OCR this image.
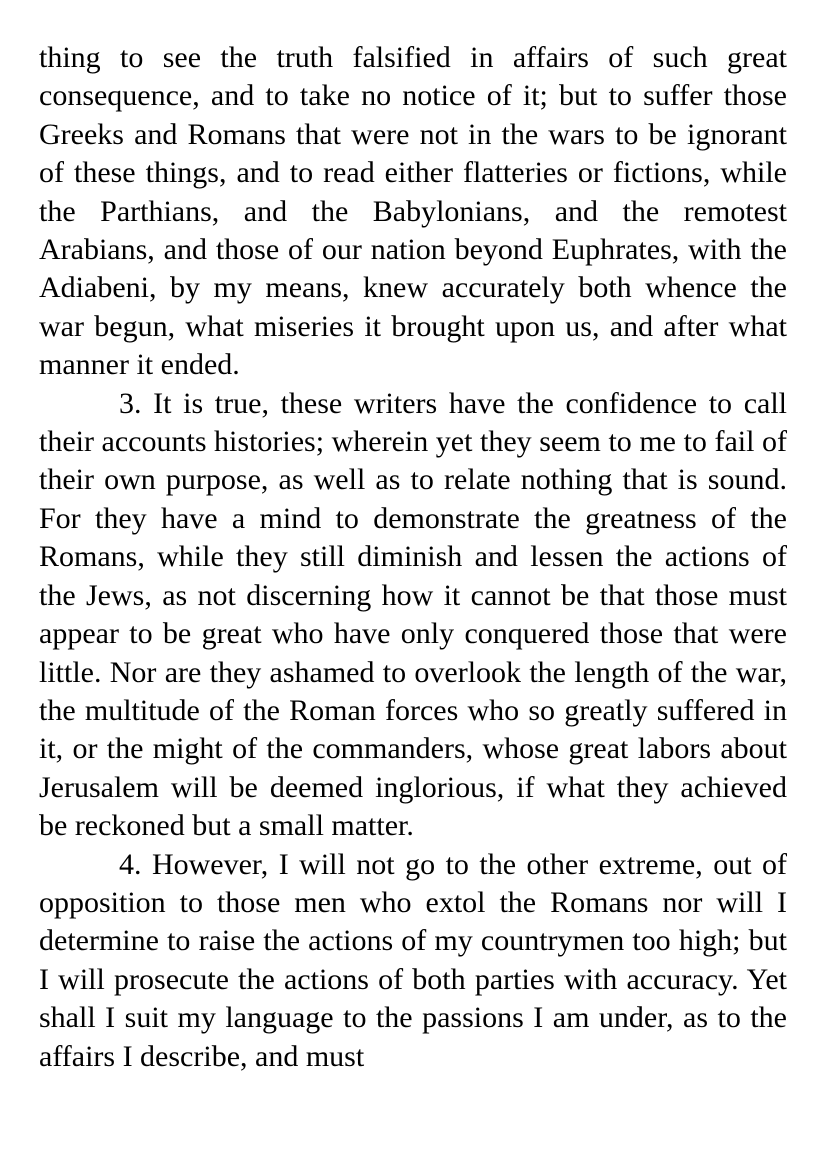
thing to see the truth falsified in affairs of such great consequence, and to take no notice of it; but to suffer those Greeks and Romans that were not in the wars to be ignorant of these things, and to read either flatteries or fictions, while the Parthians, and the Babylonians, and the remotest Arabians, and those of our nation beyond Euphrates, with the Adiabeni, by my means, knew accurately both whence the war begun, what miseries it brought upon us, and after what manner it ended.

3. It is true, these writers have the confidence to call their accounts histories; wherein yet they seem to me to fail of their own purpose, as well as to relate nothing that is sound. For they have a mind to demonstrate the greatness of the Romans, while they still diminish and lessen the actions of the Jews, as not discerning how it cannot be that those must appear to be great who have only conquered those that were little. Nor are they ashamed to overlook the length of the war, the multitude of the Roman forces who so greatly suffered in it, or the might of the commanders, whose great labors about Jerusalem will be deemed inglorious, if what they achieved be reckoned but a small matter.

4. However, I will not go to the other extreme, out of opposition to those men who extol the Romans nor will I determine to raise the actions of my countrymen too high; but I will prosecute the actions of both parties with accuracy. Yet shall I suit my language to the passions I am under, as to the affairs I describe, and must
